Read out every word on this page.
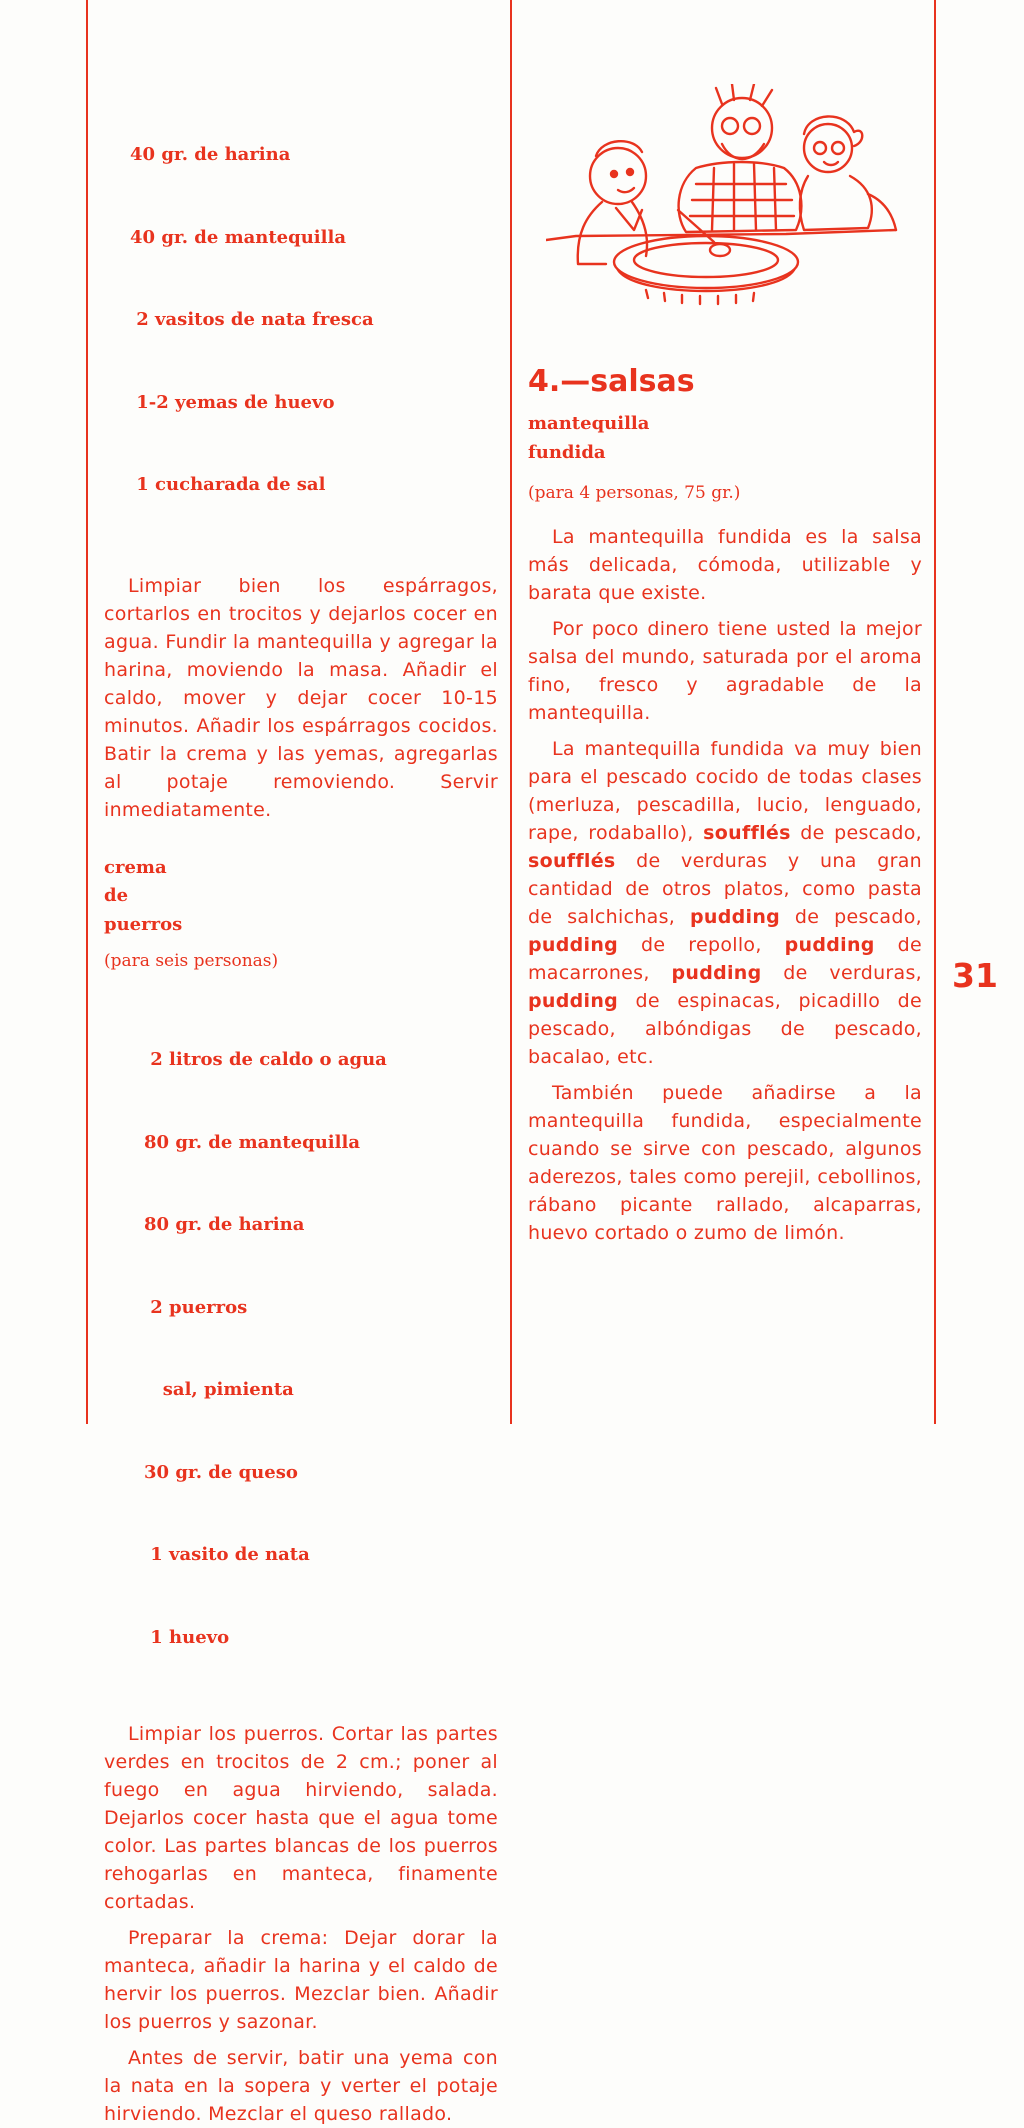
40 gr. de harina

40 gr. de mantequilla

2 vasitos de nata fresca

1-2 yemas de huevo

1 cucharada de sal

Limpiar bien los espárragos, cortarlos en trocitos y dejarlos cocer en agua. Fundir la mantequilla y agregar la harina, moviendo la masa. Añadir el caldo, mover y dejar cocer 10-15 minutos. Añadir los espárragos cocidos. Batir la crema y las yemas, agregarlas al potaje removiendo. Servir inmediatamente.

crema
de
puerros
(para seis personas)

2 litros de caldo o agua

80 gr. de mantequilla

80 gr. de harina

2 puerros

sal, pimienta

30 gr. de queso

1 vasito de nata

1 huevo

Limpiar los puerros. Cortar las partes verdes en trocitos de 2 cm.; poner al fuego en agua hirviendo, salada. Dejarlos cocer hasta que el agua tome color. Las partes blancas de los puerros rehogarlas en manteca, finamente cortadas.

Preparar la crema: Dejar dorar la manteca, añadir la harina y el caldo de hervir los puerros. Mezclar bien. Añadir los puerros y sazonar.

Antes de servir, batir una yema con la nata en la sopera y verter el potaje hirviendo. Mezclar el queso rallado.

4.—salsas
mantequilla
fundida
(para 4 personas, 75 gr.)

La mantequilla fundida es la salsa más delicada, cómoda, utilizable y barata que existe.

Por poco dinero tiene usted la mejor salsa del mundo, saturada por el aroma fino, fresco y agradable de la mantequilla.

La mantequilla fundida va muy bien para el pescado cocido de todas clases (merluza, pescadilla, lucio, lenguado, rape, rodaballo), soufflés de pescado, soufflés de verduras y una gran cantidad de otros platos, como pasta de salchichas, pudding de pescado, pudding de repollo, pudding de macarrones, pudding de verduras, pudding de espinacas, picadillo de pescado, albóndigas de pescado, bacalao, etc.

También puede añadirse a la mantequilla fundida, especialmente cuando se sirve con pescado, algunos aderezos, tales como perejil, cebollinos, rábano picante rallado, alcaparras, huevo cortado o zumo de limón.

31
